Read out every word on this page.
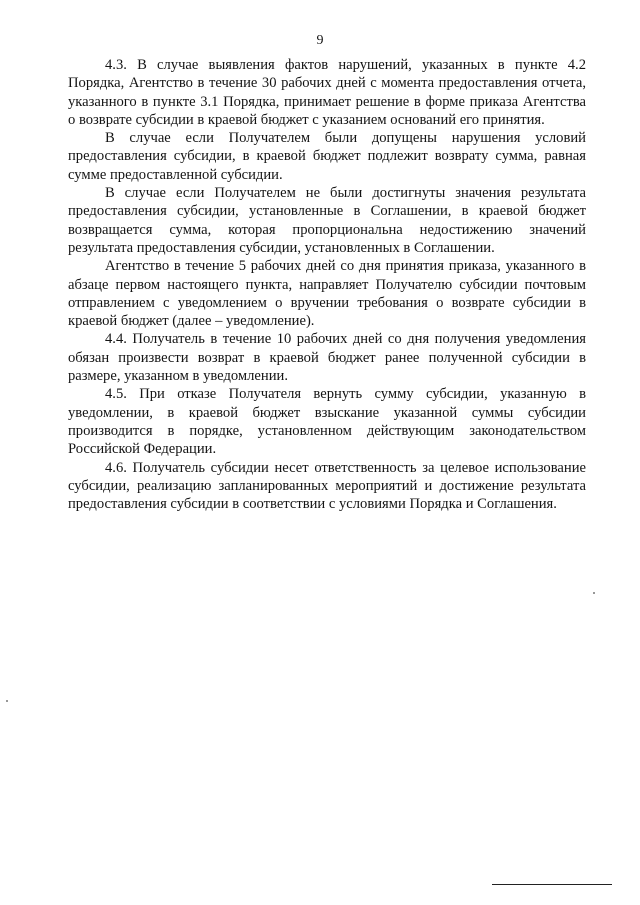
9

4.3. В случае выявления фактов нарушений, указанных в пункте 4.2 Порядка, Агентство в течение 30 рабочих дней с момента предоставления отчета, указанного в пункте 3.1 Порядка, принимает решение в форме приказа Агентства о возврате субсидии в краевой бюджет с указанием оснований его принятия.

В случае если Получателем были допущены нарушения условий предоставления субсидии, в краевой бюджет подлежит возврату сумма, равная сумме предоставленной субсидии.

В случае если Получателем не были достигнуты значения результата предоставления субсидии, установленные в Соглашении, в краевой бюджет возвращается сумма, которая пропорциональна недостижению значений результата предоставления субсидии, установленных в Соглашении.

Агентство в течение 5 рабочих дней со дня принятия приказа, указанного в абзаце первом настоящего пункта, направляет Получателю субсидии почтовым отправлением с уведомлением о вручении требования о возврате субсидии в краевой бюджет (далее – уведомление).

4.4. Получатель в течение 10 рабочих дней со дня получения уведомления обязан произвести возврат в краевой бюджет ранее полученной субсидии в размере, указанном в уведомлении.

4.5. При отказе Получателя вернуть сумму субсидии, указанную в уведомлении, в краевой бюджет взыскание указанной суммы субсидии производится в порядке, установленном действующим законодательством Российской Федерации.

4.6. Получатель субсидии несет ответственность за целевое использование субсидии, реализацию запланированных мероприятий и достижение результата предоставления субсидии в соответствии с условиями Порядка и Соглашения.
